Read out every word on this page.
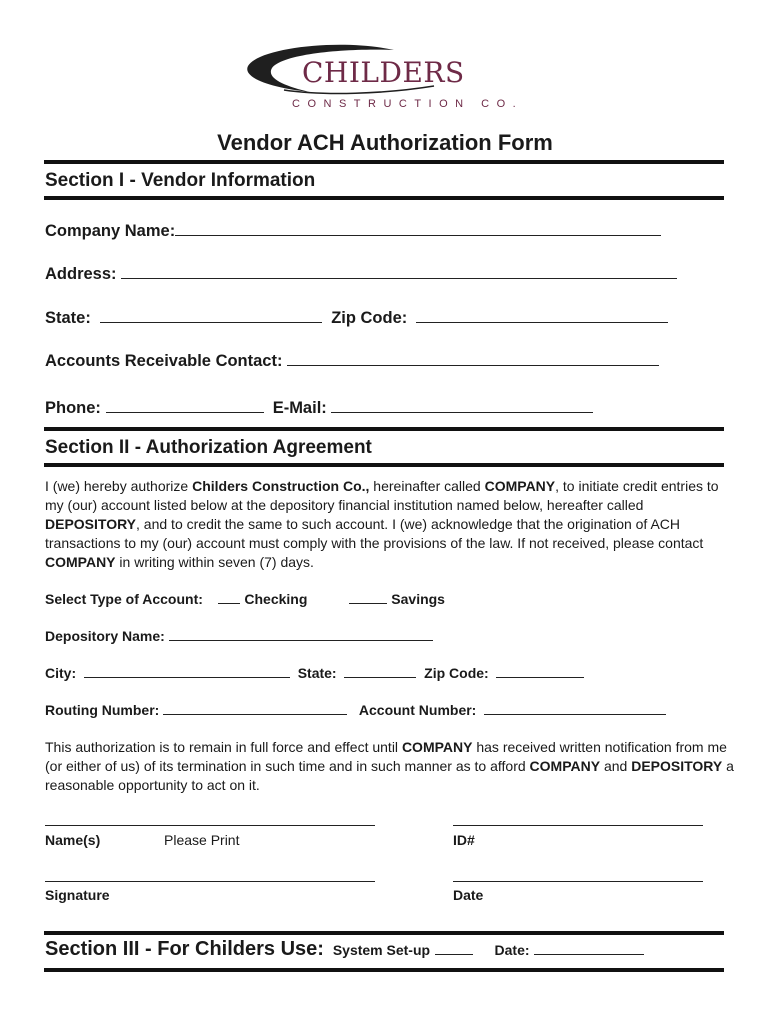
CHILDERS
CONSTRUCTION CO.
Vendor ACH Authorization Form
Section I - Vendor Information
Company Name:
Address:
State:	Zip Code:
Accounts Receivable Contact:
Phone:	E-Mail:
Section II - Authorization Agreement
I (we) hereby authorize Childers Construction Co., hereinafter called COMPANY, to initiate credit entries to my (our) account listed below at the depository financial institution named below, hereafter called DEPOSITORY, and to credit the same to such account. I (we) acknowledge that the origination of ACH transactions to my (our) account must comply with the provisions of the law. If not received, please contact COMPANY in writing within seven (7) days.
Select Type of Account:	Checking	Savings
Depository Name:
City:	State:	Zip Code:
Routing Number:	Account Number:
This authorization is to remain in full force and effect until COMPANY has received written notification from me (or either of us) of its termination in such time and in such manner as to afford COMPANY and DEPOSITORY a reasonable opportunity to act on it.
Name(s)	Please Print	ID#
Signature	Date
Section III - For Childers Use: System Set-up	Date:
